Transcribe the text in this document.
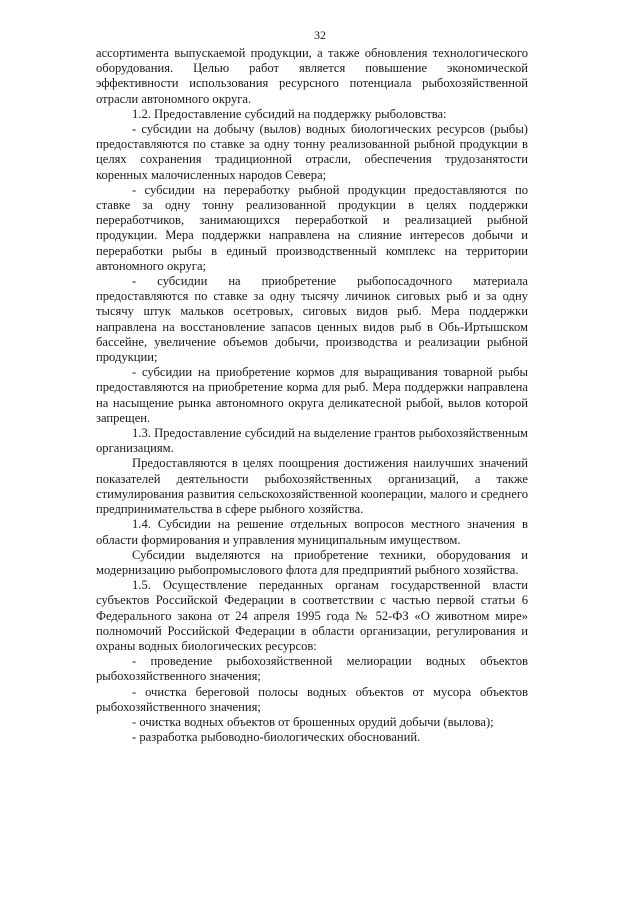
32

ассортимента выпускаемой продукции, а также обновления технологического оборудования. Целью работ является повышение экономической эффективности использования ресурсного потенциала рыбохозяйственной отрасли автономного округа.

1.2. Предоставление субсидий на поддержку рыболовства:

- субсидии на добычу (вылов) водных биологических ресурсов (рыбы) предоставляются по ставке за одну тонну реализованной рыбной продукции в целях сохранения традиционной отрасли, обеспечения трудозанятости коренных малочисленных народов Севера;

- субсидии на переработку рыбной продукции предоставляются по ставке за одну тонну реализованной продукции в целях поддержки переработчиков, занимающихся переработкой и реализацией рыбной продукции. Мера поддержки направлена на слияние интересов добычи и переработки рыбы в единый производственный комплекс на территории автономного округа;

- субсидии на приобретение рыбопосадочного материала предоставляются по ставке за одну тысячу личинок сиговых рыб и за одну тысячу штук мальков осетровых, сиговых видов рыб. Мера поддержки направлена на восстановление запасов ценных видов рыб в Обь-Иртышском бассейне, увеличение объемов добычи, производства и реализации рыбной продукции;

- субсидии на приобретение кормов для выращивания товарной рыбы предоставляются на приобретение корма для рыб. Мера поддержки направлена на насыщение рынка автономного округа деликатесной рыбой, вылов которой запрещен.

1.3. Предоставление субсидий на выделение грантов рыбохозяйственным организациям.

Предоставляются в целях поощрения достижения наилучших значений показателей деятельности рыбохозяйственных организаций, а также стимулирования развития сельскохозяйственной кооперации, малого и среднего предпринимательства в сфере рыбного хозяйства.

1.4. Субсидии на решение отдельных вопросов местного значения в области формирования и управления муниципальным имуществом.

Субсидии выделяются на приобретение техники, оборудования и модернизацию рыбопромыслового флота для предприятий рыбного хозяйства.

1.5. Осуществление переданных органам государственной власти субъектов Российской Федерации в соответствии с частью первой статьи 6 Федерального закона от 24 апреля 1995 года № 52-ФЗ «О животном мире» полномочий Российской Федерации в области организации, регулирования и охраны водных биологических ресурсов:

- проведение рыбохозяйственной мелиорации водных объектов рыбохозяйственного значения;

- очистка береговой полосы водных объектов от мусора объектов рыбохозяйственного значения;

- очистка водных объектов от брошенных орудий добычи (вылова);

- разработка рыбоводно-биологических обоснований.
